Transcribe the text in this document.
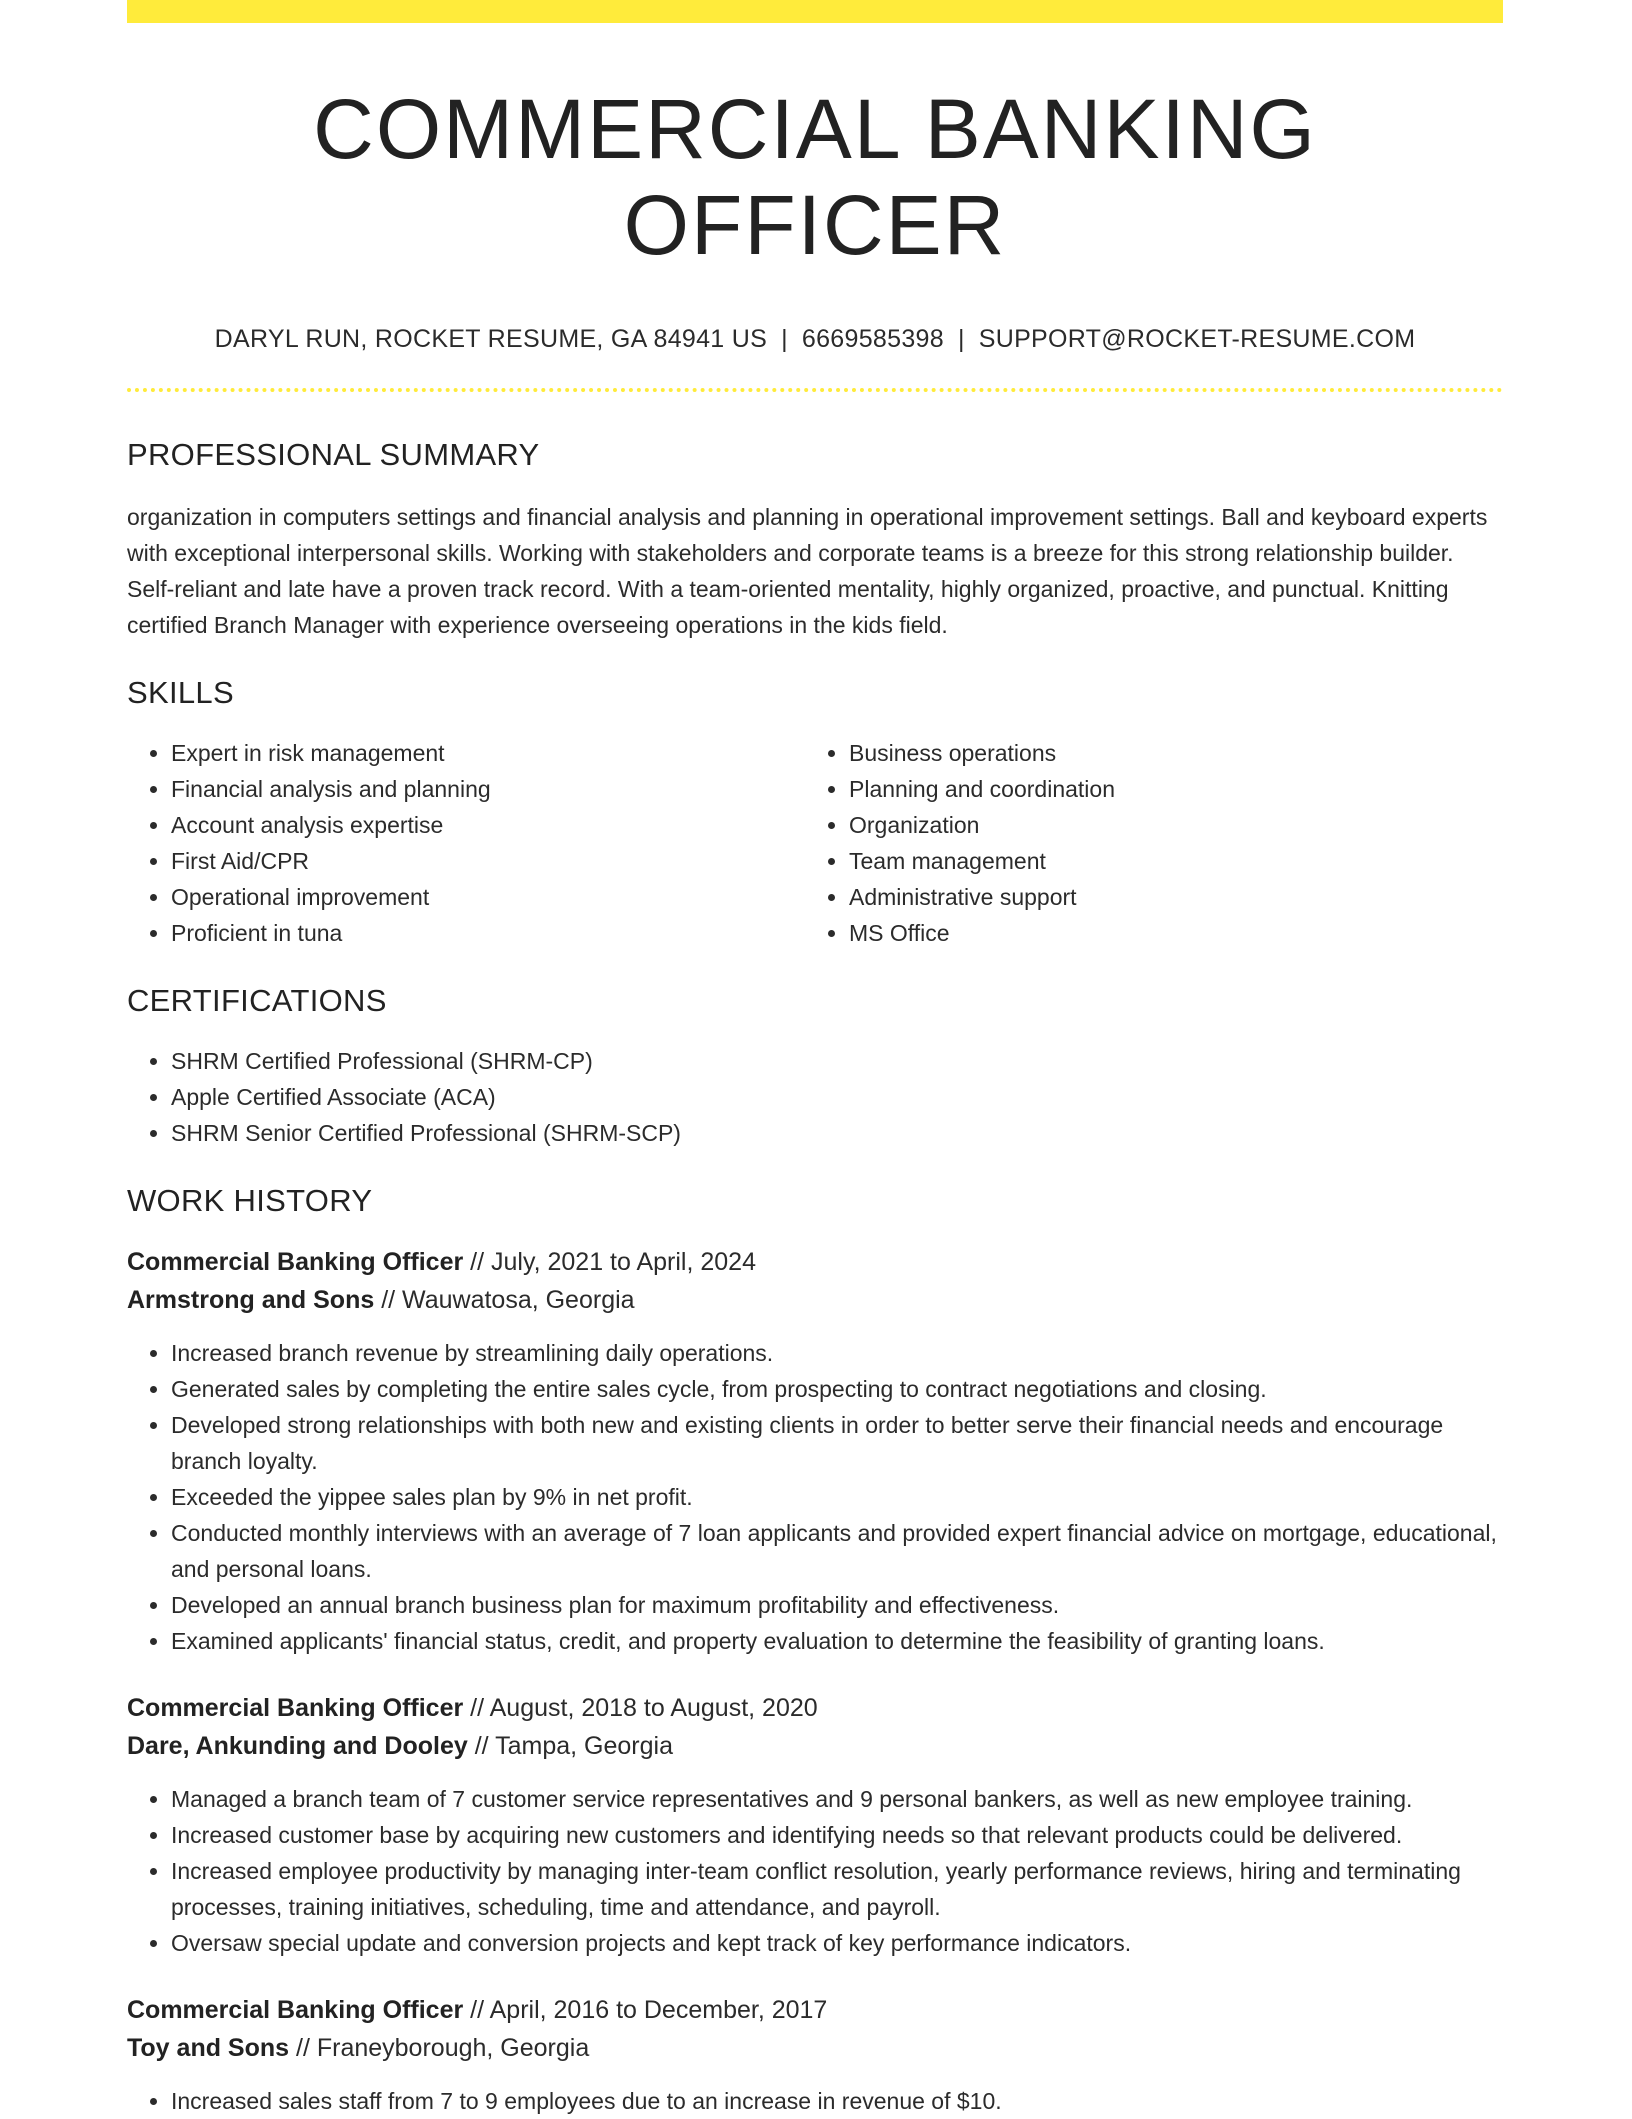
COMMERCIAL BANKING OFFICER
DARYL RUN, ROCKET RESUME, GA 84941 US | 6669585398 | SUPPORT@ROCKET-RESUME.COM
PROFESSIONAL SUMMARY

organization in computers settings and financial analysis and planning in operational improvement settings. Ball and keyboard experts with exceptional interpersonal skills. Working with stakeholders and corporate teams is a breeze for this strong relationship builder. Self-reliant and late have a proven track record. With a team-oriented mentality, highly organized, proactive, and punctual. Knitting certified Branch Manager with experience overseeing operations in the kids field.

SKILLS
• Expert in risk management
• Financial analysis and planning
• Account analysis expertise
• First Aid/CPR
• Operational improvement
• Proficient in tuna
• Business operations
• Planning and coordination
• Organization
• Team management
• Administrative support
• MS Office
CERTIFICATIONS
• SHRM Certified Professional (SHRM-CP)
• Apple Certified Associate (ACA)
• SHRM Senior Certified Professional (SHRM-SCP)
WORK HISTORY
Commercial Banking Officer // July, 2021 to April, 2024
Armstrong and Sons // Wauwatosa, Georgia
• Increased branch revenue by streamlining daily operations.
• Generated sales by completing the entire sales cycle, from prospecting to contract negotiations and closing.
• Developed strong relationships with both new and existing clients in order to better serve their financial needs and encourage branch loyalty.
• Exceeded the yippee sales plan by 9% in net profit.
• Conducted monthly interviews with an average of 7 loan applicants and provided expert financial advice on mortgage, educational, and personal loans.
• Developed an annual branch business plan for maximum profitability and effectiveness.
• Examined applicants' financial status, credit, and property evaluation to determine the feasibility of granting loans.
Commercial Banking Officer // August, 2018 to August, 2020
Dare, Ankunding and Dooley // Tampa, Georgia
• Managed a branch team of 7 customer service representatives and 9 personal bankers, as well as new employee training.
• Increased customer base by acquiring new customers and identifying needs so that relevant products could be delivered.
• Increased employee productivity by managing inter-team conflict resolution, yearly performance reviews, hiring and terminating processes, training initiatives, scheduling, time and attendance, and payroll.
• Oversaw special update and conversion projects and kept track of key performance indicators.
Commercial Banking Officer // April, 2016 to December, 2017
Toy and Sons // Franeyborough, Georgia
• Increased sales staff from 7 to 9 employees due to an increase in revenue of $10.
